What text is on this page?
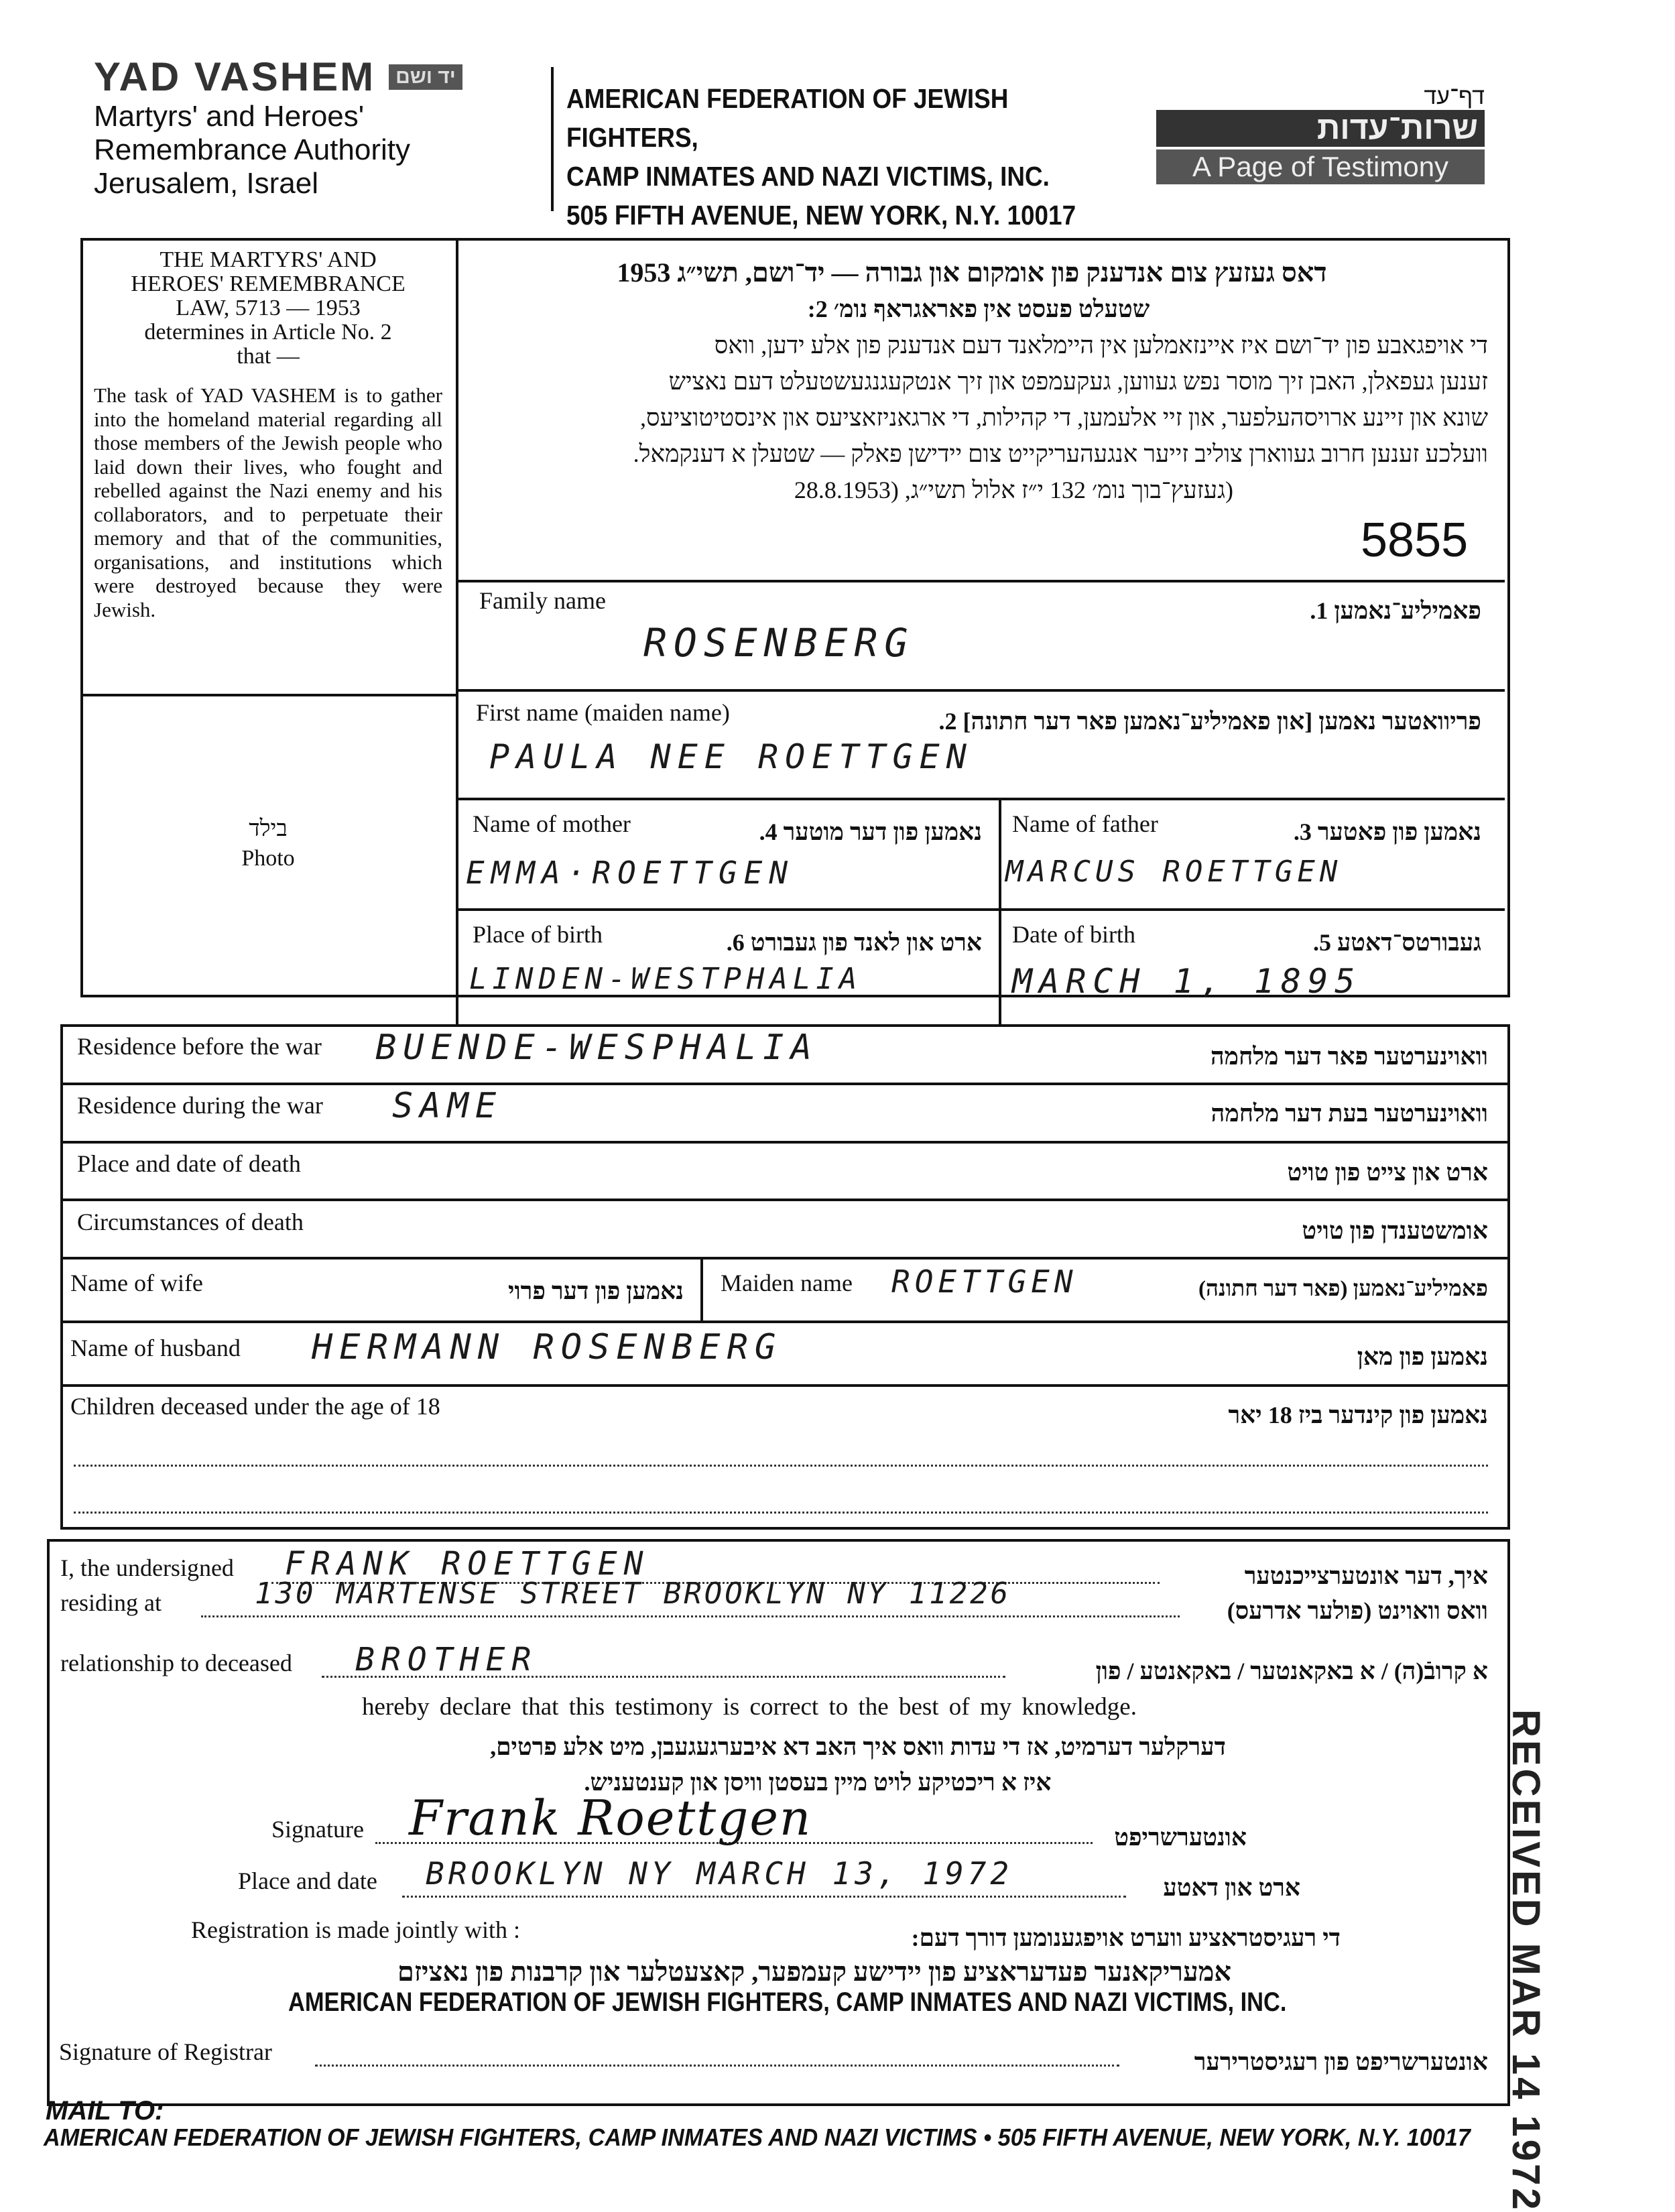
YAD VASHEM	יד ושם
Martyrs' and Heroes'
Remembrance Authority
Jerusalem, Israel
AMERICAN FEDERATION OF JEWISH FIGHTERS,
CAMP INMATES AND NAZI VICTIMS, INC.
505 FIFTH AVENUE, NEW YORK, N.Y. 10017
דף־עד
שרות־עדות
A Page of Testimony
THE MARTYRS' AND
HEROES' REMEMBRANCE
LAW, 5713 — 1953
determines in Article No. 2
that —
The task of YAD VASHEM is to gather into the homeland material regarding all those members of the Jewish people who laid down their lives, who fought and rebelled against the Nazi enemy and his collaborators, and to perpetuate their memory and that of the communities, organisations, and institutions which were destroyed because they were Jewish.
בילד
Photo
דאס געזעץ צום אנדענק פון אומקום און גבורה — יד־ושם, תשי״ג 1953
שטעלט פעסט אין פאראגראף נומ׳ 2:
די אויפגאבע פון יד־ושם איז איינזאמלען אין היימלאנד דעם אנדענק פון אלע ידען, וואס
זענען געפאלן, האבן זיך מוסר נפש געווען, געקעמפט און זיך אנטקעגנגעשטעלט דעם נאציש
שונא און זיינע ארויסהעלפער, און זיי אלעמען, די קהילות, די ארגאניזאציעס און אינסטיטוציעס,
וועלכע זענען חרוב געווארן צוליב זייער אנגעהעריקייט צום יידישן פאלק — שטעלן א דענקמאל.
(געזעץ־בוך נומ׳ 132 י״ז אלול תשי״ג, (28.8.1953
5855
Family name	פאמיליע־נאמען 1.
ROSENBERG
First name (maiden name)	פריוואטער נאמען [און פאמיליע־נאמען פאר דער חתונה] 2.
PAULA NEE ROETTGEN
Name of mother	נאמען פון דער מוטער 4.
EMMA·ROETTGEN
Name of father	נאמען פון פאטער 3.
MARCUS ROETTGEN
Place of birth	ארט און לאנד פון געבורט 6.
LINDEN-WESTPHALIA
Date of birth	געבורטס־דאטע 5.
MARCH 1, 1895
Residence before the war BUENDE-WESPHALIA	וואוינערטער פאר דער מלחמה
Residence during the war SAME	וואוינערטער בעת דער מלחמה
Place and date of death	ארט און צייט פון טויט
Circumstances of death	אומשטענדן פון טויט
Name of wife	נאמען פון דער פרוי Maiden name ROETTGEN	פאמיליע־נאמען (פאר דער חתונה)
Name of husband HERMANN ROSENBERG	נאמען פון מאן
Children deceased under the age of 18	נאמען פון קינדער ביז 18 יאר
I, the undersigned FRANK ROETTGEN	איך, דער אונטערצייכנטער
residing at	130 MARTENSE STREET BROOKLYN NY 11226	וואס וואוינט (פולער אדרעס)
relationship to deceased BROTHER	א קרובֿ(ה) / א באקאנטער / באקאנטע / פון
hereby declare that this testimony is correct to the best of my knowledge.
דערקלער דערמיט, אז די עדות וואס איך האב דא איבערגעגעבן, מיט אלע פרטים,
איז א ריכטיקע לויט מיין בעסטן וויסן און קענטעניש.
Signature Frank Roettgen	אונטערשריפט
Place and date BROOKLYN NY MARCH 13, 1972	ארט און דאטע
Registration is made jointly with :	די רעגיסטראציע ווערט אויפגענומען דורך דעם:
אמעריקאנער פעדעראציע פון יידישע קעמפער, קאצעטלער און קרבנות פון נאציזם
AMERICAN FEDERATION OF JEWISH FIGHTERS, CAMP INMATES AND NAZI VICTIMS, INC.
Signature of Registrar	אונטערשריפט פון רעגיסטרירער RECEIVED MAR 14 1972
MAIL TO:
AMERICAN FEDERATION OF JEWISH FIGHTERS, CAMP INMATES AND NAZI VICTIMS • 505 FIFTH AVENUE, NEW YORK, N.Y. 10017
